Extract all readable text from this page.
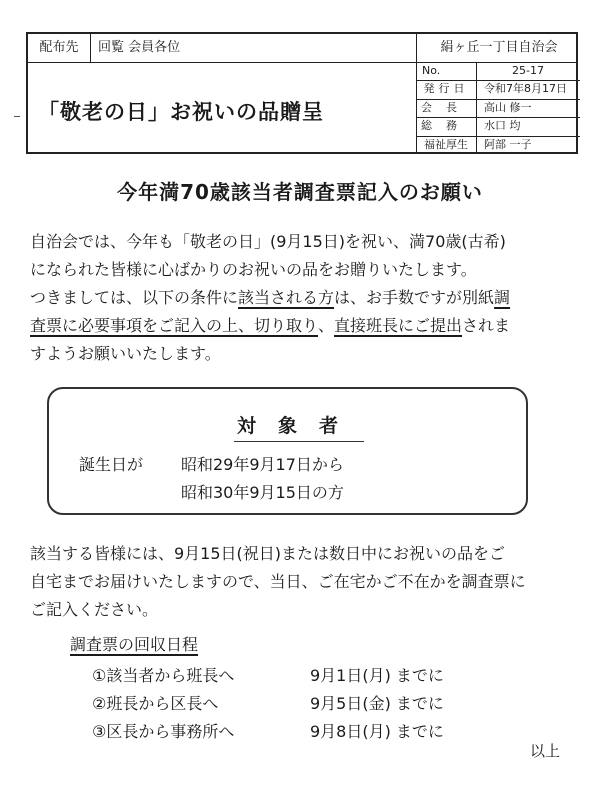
配布先	回覧 会員各位	絹ヶ丘一丁目自治会
「敬老の日」お祝いの品贈呈
No.	25-17
発行日	令和7年8月17日
会長	高山 修一
総務	水口 均
福祉厚生	阿部 一子
今年満70歳該当者調査票記入のお願い
自治会では、今年も「敬老の日」(9月15日)を祝い、満70歳(古希)
になられた皆様に心ばかりのお祝いの品をお贈りいたします。
つきましては、以下の条件に該当される方は、お手数ですが別紙調
査票に必要事項をご記入の上、切り取り、直接班長にご提出されま
すようお願いいたします。
対象者
誕生日が 昭和29年9月17日から
昭和30年9月15日の方
該当する皆様には、9月15日(祝日)または数日中にお祝いの品をご
自宅までお届けいたしますので、当日、ご在宅かご不在かを調査票に
ご記入ください。
調査票の回収日程
①該当者から班長へ	9月1日(月) までに
②班長から区長へ	9月5日(金) までに
③区長から事務所へ	9月8日(月) までに
以上
